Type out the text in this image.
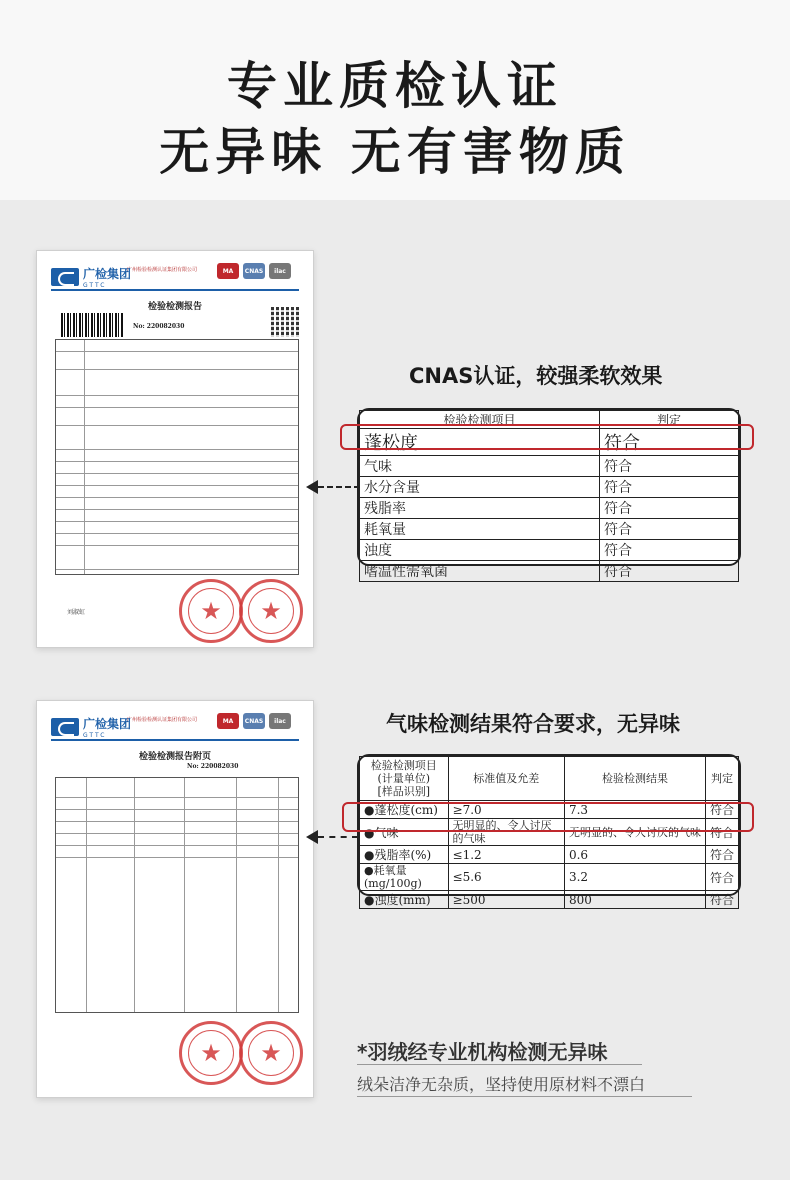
专业质检认证
无异味 无有害物质
广检集团
GTTC
广州检验检测认证集团有限公司	MA	CNAS	ilac
检验检测报告
No: 220082030
刘淑虹	★	★
CNAS认证，较强柔软效果
检验检测项目	判定
蓬松度	符合
气味	符合
水分含量	符合
残脂率	符合
耗氧量	符合
浊度	符合
嗜温性需氧菌	符合
广检集团
GTTC
广州检验检测认证集团有限公司	MA	CNAS	ilac
检验检测报告附页
No: 220082030
★	★
气味检测结果符合要求，无异味
检验检测项目
(计量单位)
[样品识别]	标准值及允差	检验检测结果	判定
●蓬松度(cm)	≥7.0	7.3	符合
●气味	无明显的、令人讨厌的气味	无明显的、令人讨厌的气味	符合
●残脂率(%)	≤1.2	0.6	符合
●耗氧量
(mg/100g)	≤5.6	3.2	符合
●浊度(mm)	≥500	800	符合
*羽绒经专业机构检测无异味
绒朵洁净无杂质，坚持使用原材料不漂白
